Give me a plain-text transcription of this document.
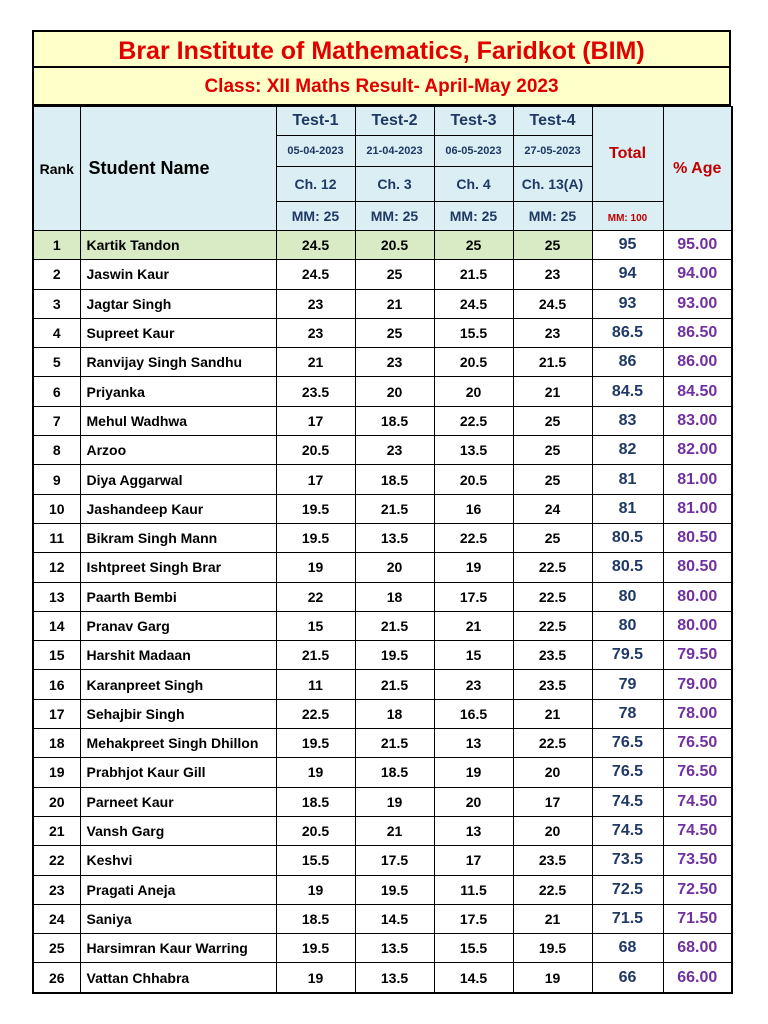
Brar Institute of Mathematics, Faridkot (BIM)
Class: XII Maths Result- April-May 2023
Rank	Student Name	Test-1	Test-2	Test-3	Test-4	Total	% Age
		05-04-2023	21-04-2023	06-05-2023	27-05-2023		
		Ch. 12	Ch. 3	Ch. 4	Ch. 13(A)		
		MM: 25	MM: 25	MM: 25	MM: 25	MM: 100	
1	Kartik Tandon	24.5	20.5	25	25	95	95.00
2	Jaswin Kaur	24.5	25	21.5	23	94	94.00
3	Jagtar Singh	23	21	24.5	24.5	93	93.00
4	Supreet Kaur	23	25	15.5	23	86.5	86.50
5	Ranvijay Singh Sandhu	21	23	20.5	21.5	86	86.00
6	Priyanka	23.5	20	20	21	84.5	84.50
7	Mehul Wadhwa	17	18.5	22.5	25	83	83.00
8	Arzoo	20.5	23	13.5	25	82	82.00
9	Diya Aggarwal	17	18.5	20.5	25	81	81.00
10	Jashandeep Kaur	19.5	21.5	16	24	81	81.00
11	Bikram Singh Mann	19.5	13.5	22.5	25	80.5	80.50
12	Ishtpreet Singh Brar	19	20	19	22.5	80.5	80.50
13	Paarth Bembi	22	18	17.5	22.5	80	80.00
14	Pranav Garg	15	21.5	21	22.5	80	80.00
15	Harshit Madaan	21.5	19.5	15	23.5	79.5	79.50
16	Karanpreet Singh	11	21.5	23	23.5	79	79.00
17	Sehajbir Singh	22.5	18	16.5	21	78	78.00
18	Mehakpreet Singh Dhillon	19.5	21.5	13	22.5	76.5	76.50
19	Prabhjot Kaur Gill	19	18.5	19	20	76.5	76.50
20	Parneet Kaur	18.5	19	20	17	74.5	74.50
21	Vansh Garg	20.5	21	13	20	74.5	74.50
22	Keshvi	15.5	17.5	17	23.5	73.5	73.50
23	Pragati Aneja	19	19.5	11.5	22.5	72.5	72.50
24	Saniya	18.5	14.5	17.5	21	71.5	71.50
25	Harsimran Kaur Warring	19.5	13.5	15.5	19.5	68	68.00
26	Vattan Chhabra	19	13.5	14.5	19	66	66.00
